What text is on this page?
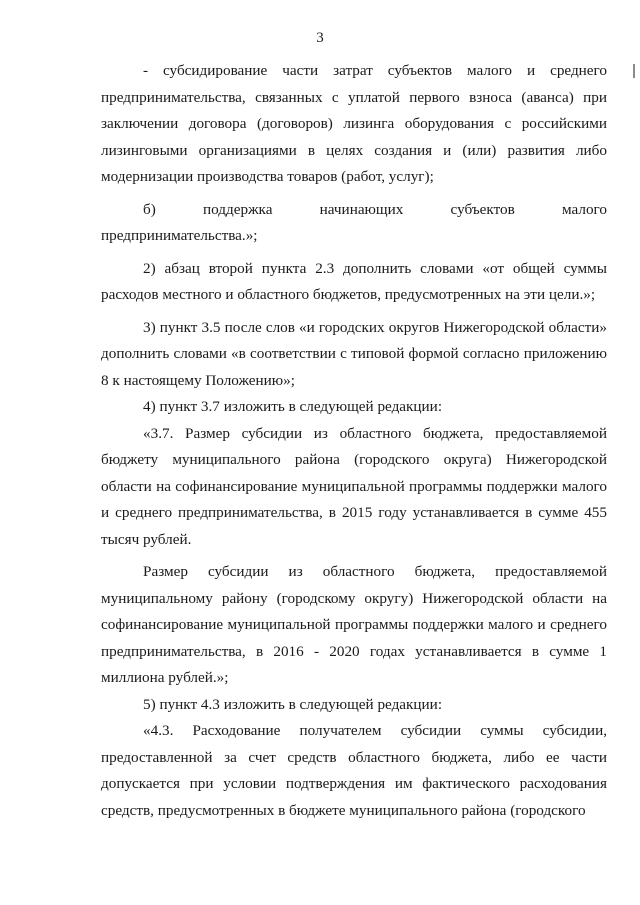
3

- субсидирование части затрат субъектов малого и среднего предпринимательства, связанных с уплатой первого взноса (аванса) при заключении договора (договоров) лизинга оборудования с российскими лизинговыми организациями в целях создания и (или) развития либо модернизации производства товаров (работ, услуг);

б) поддержка начинающих субъектов малого

предпринимательства.»;

2) абзац второй пункта 2.3 дополнить словами «от общей суммы расходов местного и областного бюджетов, предусмотренных на эти цели.»;

3) пункт 3.5 после слов «и городских округов Нижегородской области» дополнить словами «в соответствии с типовой формой согласно приложению 8 к настоящему Положению»;

4) пункт 3.7 изложить в следующей редакции:

«3.7. Размер субсидии из областного бюджета, предоставляемой бюджету муниципального района (городского округа) Нижегородской области на софинансирование муниципальной программы поддержки малого и среднего предпринимательства, в 2015 году устанавливается в сумме 455 тысяч рублей.

Размер субсидии из областного бюджета, предоставляемой муниципальному району (городскому округу) Нижегородской области на софинансирование муниципальной программы поддержки малого и среднего предпринимательства, в 2016 - 2020 годах устанавливается в сумме 1 миллиона рублей.»;

5) пункт 4.3 изложить в следующей редакции:

«4.3. Расходование получателем субсидии суммы субсидии, предоставленной за счет средств областного бюджета, либо ее части допускается при условии подтверждения им фактического расходования средств, предусмотренных в бюджете муниципального района (городского
